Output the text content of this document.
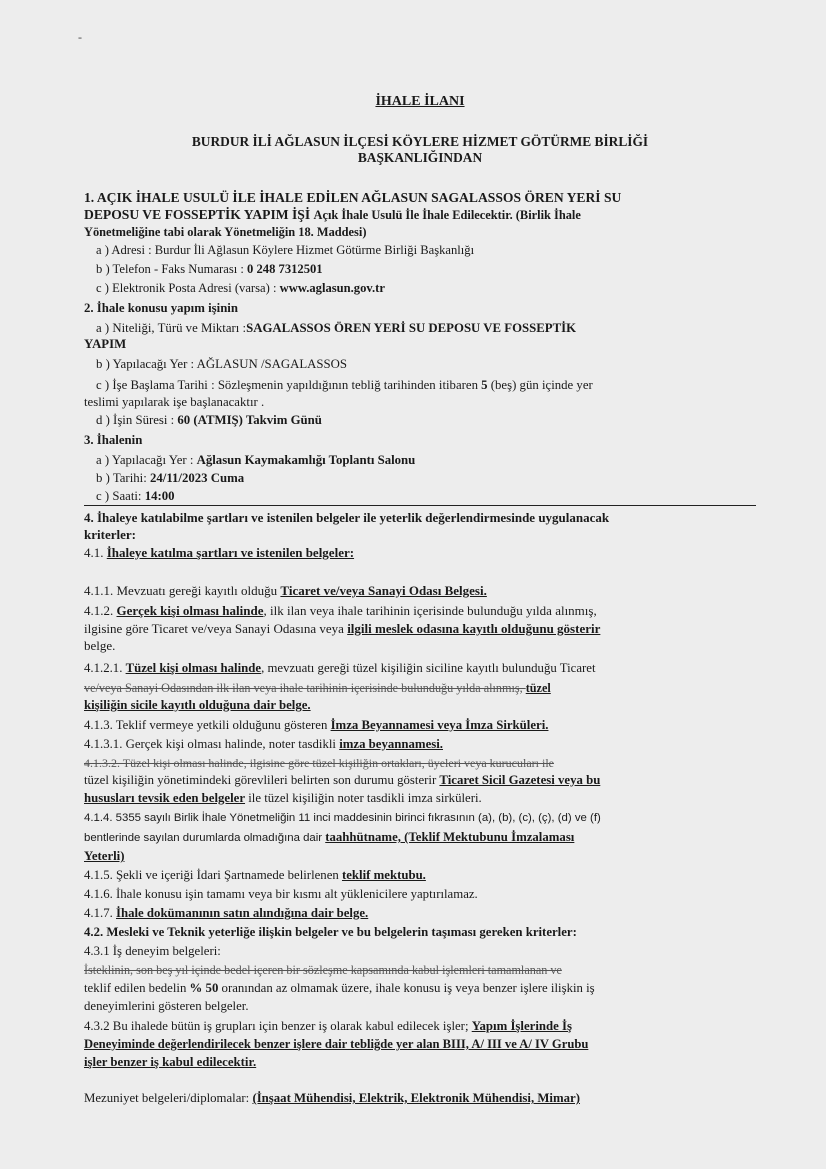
-
İHALE İLANI
BURDUR İLİ AĞLASUN İLÇESİ KÖYLERE HİZMET GÖTÜRME BİRLİĞİ
BAŞKANLIĞINDAN
1. AÇIK İHALE USULÜ İLE İHALE EDİLEN AĞLASUN SAGALASSOS ÖREN YERİ SU
DEPOSU VE FOSSEPTİK YAPIM İŞİ Açık İhale Usulü İle İhale Edilecektir. (Birlik İhale
Yönetmeliğine tabi olarak Yönetmeliğin 18. Maddesi)
a ) Adresi : Burdur İli Ağlasun Köylere Hizmet Götürme Birliği Başkanlığı
b ) Telefon - Faks Numarası : 0 248 7312501
c ) Elektronik Posta Adresi (varsa) : www.aglasun.gov.tr
2. İhale konusu yapım işinin
a ) Niteliği, Türü ve Miktarı :SAGALASSOS ÖREN YERİ SU DEPOSU VE FOSSEPTİK
YAPIM
b ) Yapılacağı Yer : AĞLASUN /SAGALASSOS
c ) İşe Başlama Tarihi : Sözleşmenin yapıldığının tebliğ tarihinden itibaren 5 (beş) gün içinde yer
teslimi yapılarak işe başlanacaktır .
d ) İşin Süresi : 60 (ATMIŞ) Takvim Günü
3. İhalenin
a ) Yapılacağı Yer : Ağlasun Kaymakamlığı Toplantı Salonu
b ) Tarihi: 24/11/2023 Cuma
c ) Saati: 14:00
4. İhaleye katılabilme şartları ve istenilen belgeler ile yeterlik değerlendirmesinde uygulanacak
kriterler:
4.1. İhaleye katılma şartları ve istenilen belgeler:
4.1.1. Mevzuatı gereği kayıtlı olduğu Ticaret ve/veya Sanayi Odası Belgesi.
4.1.2. Gerçek kişi olması halinde, ilk ilan veya ihale tarihinin içerisinde bulunduğu yılda alınmış,
ilgisine göre Ticaret ve/veya Sanayi Odasına veya ilgili meslek odasına kayıtlı olduğunu gösterir
belge.
4.1.2.1. Tüzel kişi olması halinde, mevzuatı gereği tüzel kişiliğin siciline kayıtlı bulunduğu Ticaret
ve/veya Sanayi Odasından ilk ilan veya ihale tarihinin içerisinde bulunduğu yılda alınmış, tüzel
kişiliğin sicile kayıtlı olduğuna dair belge.
4.1.3. Teklif vermeye yetkili olduğunu gösteren İmza Beyannamesi veya İmza Sirküleri.
4.1.3.1. Gerçek kişi olması halinde, noter tasdikli imza beyannamesi.
4.1.3.2. Tüzel kişi olması halinde, ilgisine göre tüzel kişiliğin ortakları, üyeleri veya kurucuları ile
tüzel kişiliğin yönetimindeki görevlileri belirten son durumu gösterir Ticaret Sicil Gazetesi veya bu
hususları tevsik eden belgeler ile tüzel kişiliğin noter tasdikli imza sirküleri.
4.1.4. 5355 sayılı Birlik İhale Yönetmeliğin 11 inci maddesinin birinci fıkrasının (a), (b), (c), (ç), (d) ve (f)
bentlerinde sayılan durumlarda olmadığına dair taahhütname, (Teklif Mektubunu İmzalaması
Yeterli)
4.1.5. Şekli ve içeriği İdari Şartnamede belirlenen teklif mektubu.
4.1.6. İhale konusu işin tamamı veya bir kısmı alt yüklenicilere yaptırılamaz.
4.1.7. İhale dokümanının satın alındığına dair belge.
4.2. Mesleki ve Teknik yeterliğe ilişkin belgeler ve bu belgelerin taşıması gereken kriterler:
4.3.1 İş deneyim belgeleri:
İsteklinin, son beş yıl içinde bedel içeren bir sözleşme kapsamında kabul işlemleri tamamlanan ve
teklif edilen bedelin % 50 oranından az olmamak üzere, ihale konusu iş veya benzer işlere ilişkin iş
deneyimlerini gösteren belgeler.
4.3.2 Bu ihalede bütün iş grupları için benzer iş olarak kabul edilecek işler; Yapım İşlerinde İş
Deneyiminde değerlendirilecek benzer işlere dair tebliğde yer alan BIII, A/ III ve A/ IV Grubu
işler benzer iş kabul edilecektir.
Mezuniyet belgeleri/diplomalar: (İnşaat Mühendisi, Elektrik, Elektronik Mühendisi, Mimar)
